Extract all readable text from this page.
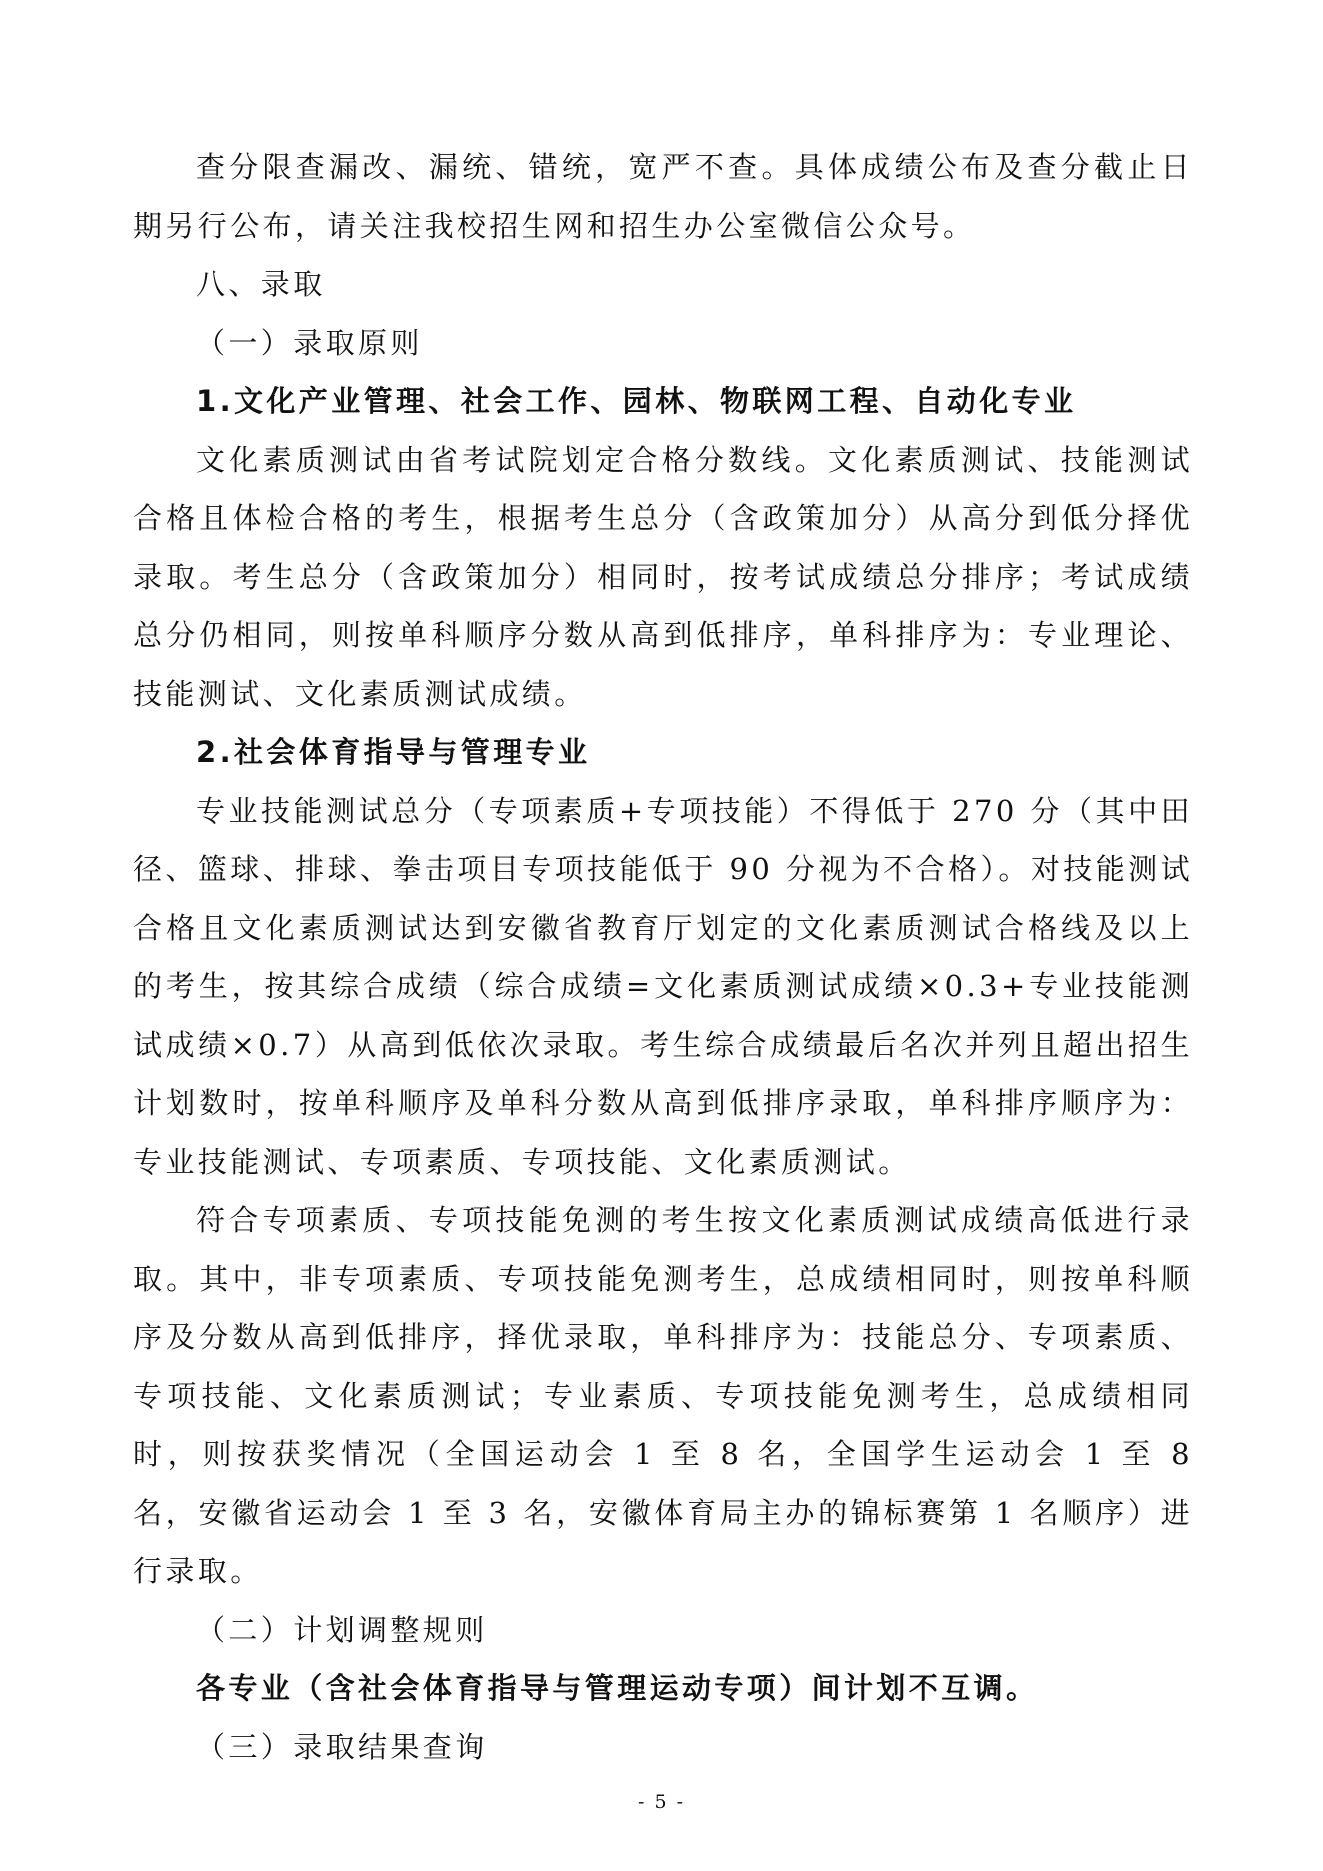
查分限查漏改、漏统、错统，宽严不查。具体成绩公布及查分截止日期另行公布，请关注我校招生网和招生办公室微信公众号。

八、录取

（一）录取原则

1.文化产业管理、社会工作、园林、物联网工程、自动化专业

文化素质测试由省考试院划定合格分数线。文化素质测试、技能测试合格且体检合格的考生，根据考生总分（含政策加分）从高分到低分择优录取。考生总分（含政策加分）相同时，按考试成绩总分排序；考试成绩总分仍相同，则按单科顺序分数从高到低排序，单科排序为：专业理论、技能测试、文化素质测试成绩。

2.社会体育指导与管理专业

专业技能测试总分（专项素质+专项技能）不得低于 270 分（其中田径、篮球、排球、拳击项目专项技能低于 90 分视为不合格）。对技能测试合格且文化素质测试达到安徽省教育厅划定的文化素质测试合格线及以上的考生，按其综合成绩（综合成绩=文化素质测试成绩×0.3+专业技能测试成绩×0.7）从高到低依次录取。考生综合成绩最后名次并列且超出招生计划数时，按单科顺序及单科分数从高到低排序录取，单科排序顺序为：专业技能测试、专项素质、专项技能、文化素质测试。

符合专项素质、专项技能免测的考生按文化素质测试成绩高低进行录取。其中，非专项素质、专项技能免测考生，总成绩相同时，则按单科顺序及分数从高到低排序，择优录取，单科排序为：技能总分、专项素质、专项技能、文化素质测试；专业素质、专项技能免测考生，总成绩相同时，则按获奖情况（全国运动会 1 至 8 名，全国学生运动会 1 至 8 名，安徽省运动会 1 至 3 名，安徽体育局主办的锦标赛第 1 名顺序）进行录取。

（二）计划调整规则

各专业（含社会体育指导与管理运动专项）间计划不互调。

（三）录取结果查询

- 5 -
